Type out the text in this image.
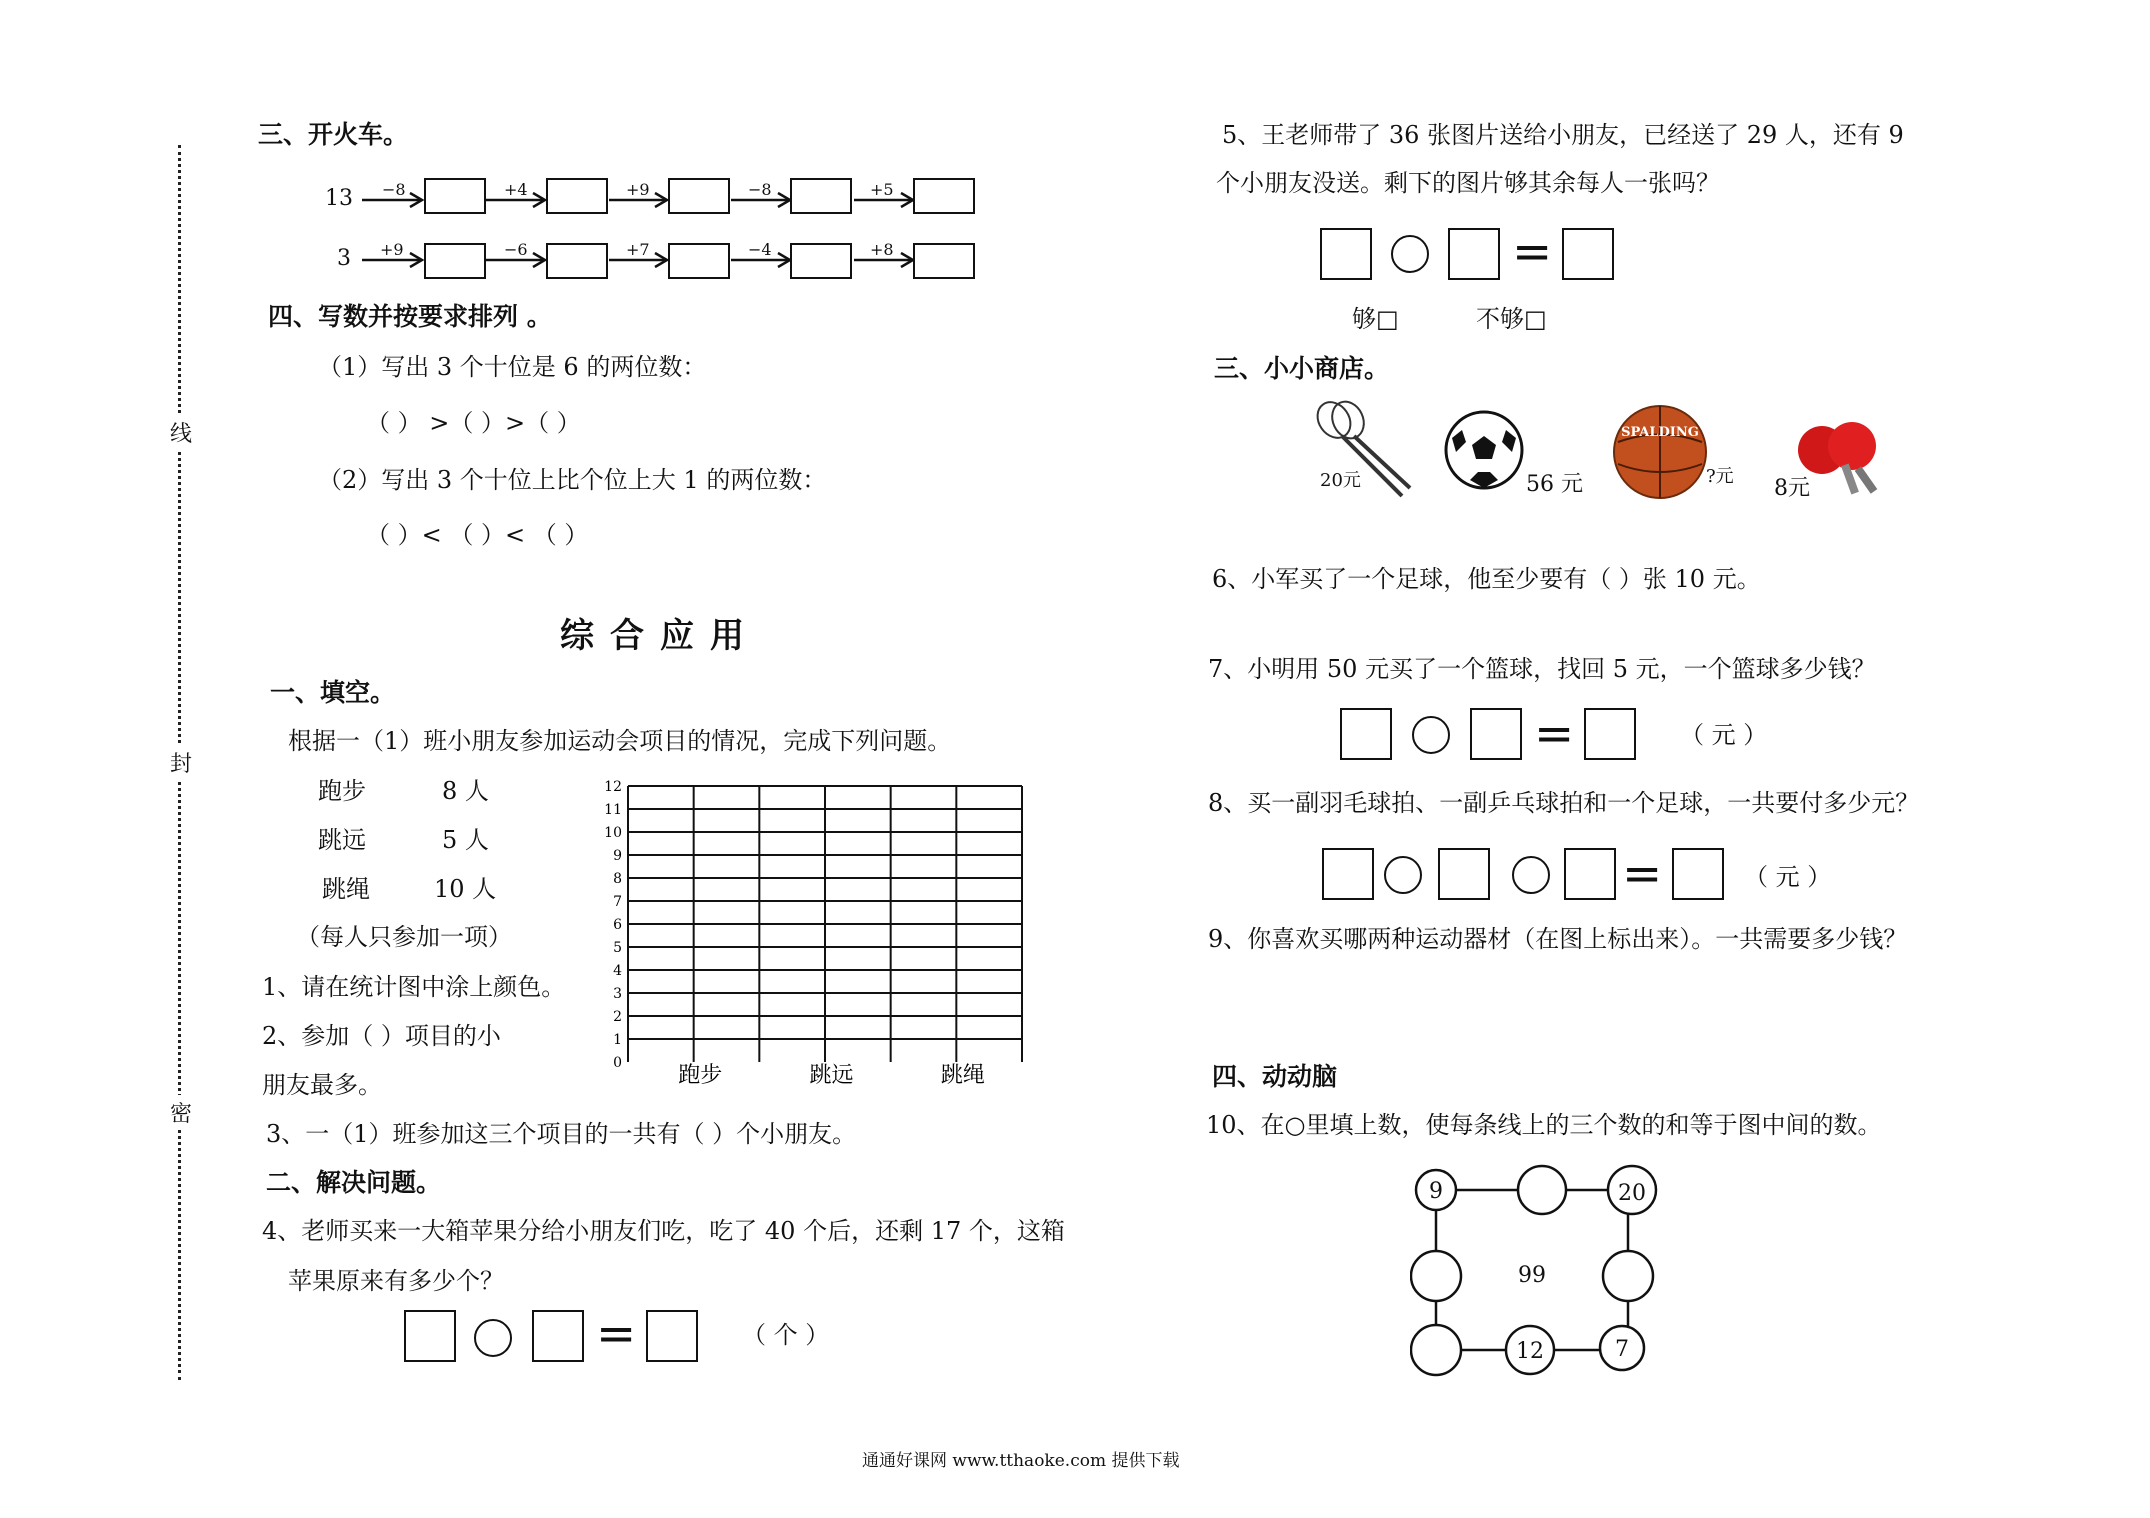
线
封
密
三、开火车。
13 −8	+4	+9	−8	+5
3 +9	−6	+7	−4	+8
四、写数并按要求排列 。
（1）写出 3 个十位是 6 的两位数：
（ ） >（ ）>（ ）
（2）写出 3 个十位上比个位上大 1 的两位数：
（ ）< （ ）< （ ）
综合应用
一、填空。
根据一（1）班小朋友参加运动会项目的情况，完成下列问题。
跑步	8 人
跳远	5 人
跳绳	10 人
（每人只参加一项）
1、请在统计图中涂上颜色。
2、参加（ ）项目的小
朋友最多。
3、一（1）班参加这三个项目的一共有（ ）个小朋友。
0
1
2
3
4
5
6
7
8
9
10
11
12
跑步	跳远	跳绳
二、解决问题。
4、老师买来一大箱苹果分给小朋友们吃，吃了 40 个后，还剩 17 个，这箱
苹果原来有多少个？
=	（ 个 ）
5、王老师带了 36 张图片送给小朋友，已经送了 29 人，还有 9
个小朋友没送。剩下的图片够其余每人一张吗？
=
够□	不够□
三、小小商店。
20元	56 元
SPALDING
?元 8元
6、小军买了一个足球，他至少要有（ ）张 10 元。
7、小明用 50 元买了一个篮球，找回 5 元，一个篮球多少钱？
=	（ 元 ）
8、买一副羽毛球拍、一副乒乓球拍和一个足球，一共要付多少元？
=	（ 元 ）
9、你喜欢买哪两种运动器材（在图上标出来）。一共需要多少钱？
四、动动脑
10、在○里填上数，使每条线上的三个数的和等于图中间的数。
9	20
99
12	7
通通好课网 www.tthaoke.com 提供下载
